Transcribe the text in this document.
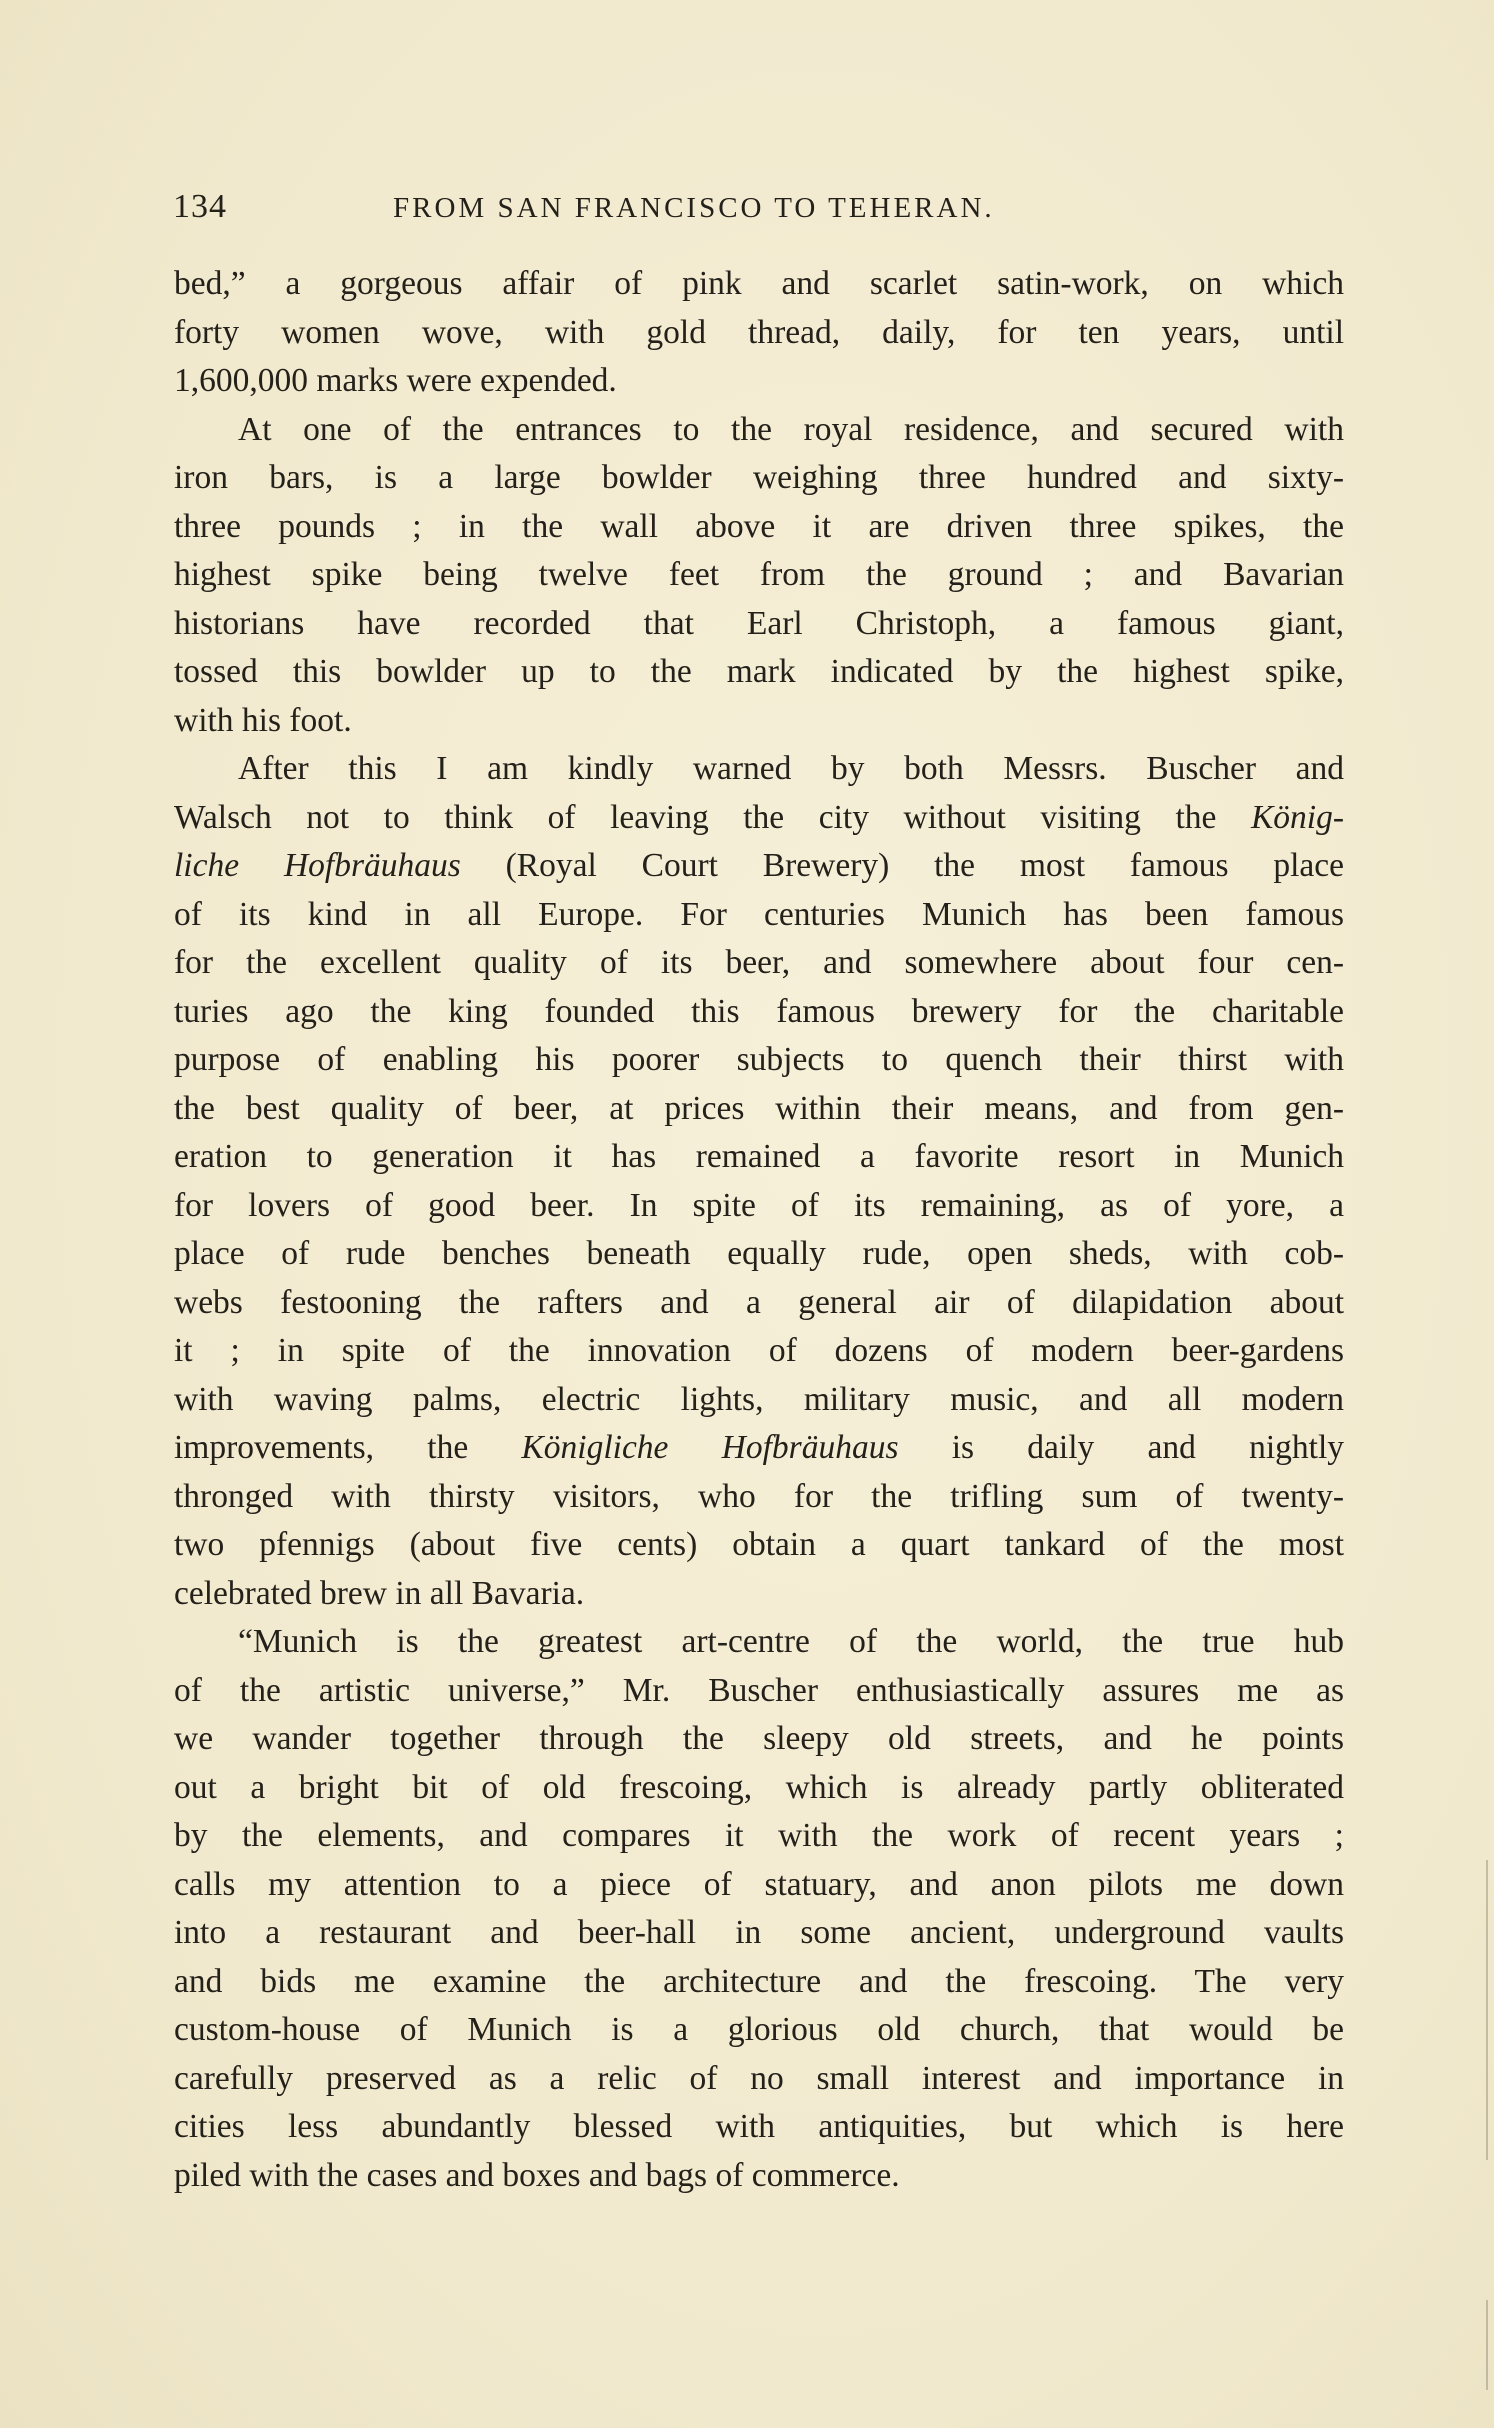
134	FROM SAN FRANCISCO TO TEHERAN.
bed,” a gorgeous affair of pink and scarlet satin-work, on which
forty women wove, with gold thread, daily, for ten years, until
1,600,000 marks were expended.
At one of the entrances to the royal residence, and secured with
iron bars, is a large bowlder weighing three hundred and sixty-
three pounds ; in the wall above it are driven three spikes, the
highest spike being twelve feet from the ground ; and Bavarian
historians have recorded that Earl Christoph, a famous giant,
tossed this bowlder up to the mark indicated by the highest spike,
with his foot.
After this I am kindly warned by both Messrs. Buscher and
Walsch not to think of leaving the city without visiting the König-
liche Hofbräuhaus (Royal Court Brewery) the most famous place
of its kind in all Europe. For centuries Munich has been famous
for the excellent quality of its beer, and somewhere about four cen-
turies ago the king founded this famous brewery for the charitable
purpose of enabling his poorer subjects to quench their thirst with
the best quality of beer, at prices within their means, and from gen-
eration to generation it has remained a favorite resort in Munich
for lovers of good beer. In spite of its remaining, as of yore, a
place of rude benches beneath equally rude, open sheds, with cob-
webs festooning the rafters and a general air of dilapidation about
it ; in spite of the innovation of dozens of modern beer-gardens
with waving palms, electric lights, military music, and all modern
improvements, the Königliche Hofbräuhaus is daily and nightly
thronged with thirsty visitors, who for the trifling sum of twenty-
two pfennigs (about five cents) obtain a quart tankard of the most
celebrated brew in all Bavaria.
“Munich is the greatest art-centre of the world, the true hub
of the artistic universe,” Mr. Buscher enthusiastically assures me as
we wander together through the sleepy old streets, and he points
out a bright bit of old frescoing, which is already partly obliterated
by the elements, and compares it with the work of recent years ;
calls my attention to a piece of statuary, and anon pilots me down
into a restaurant and beer-hall in some ancient, underground vaults
and bids me examine the architecture and the frescoing. The very
custom-house of Munich is a glorious old church, that would be
carefully preserved as a relic of no small interest and importance in
cities less abundantly blessed with antiquities, but which is here
piled with the cases and boxes and bags of commerce.
